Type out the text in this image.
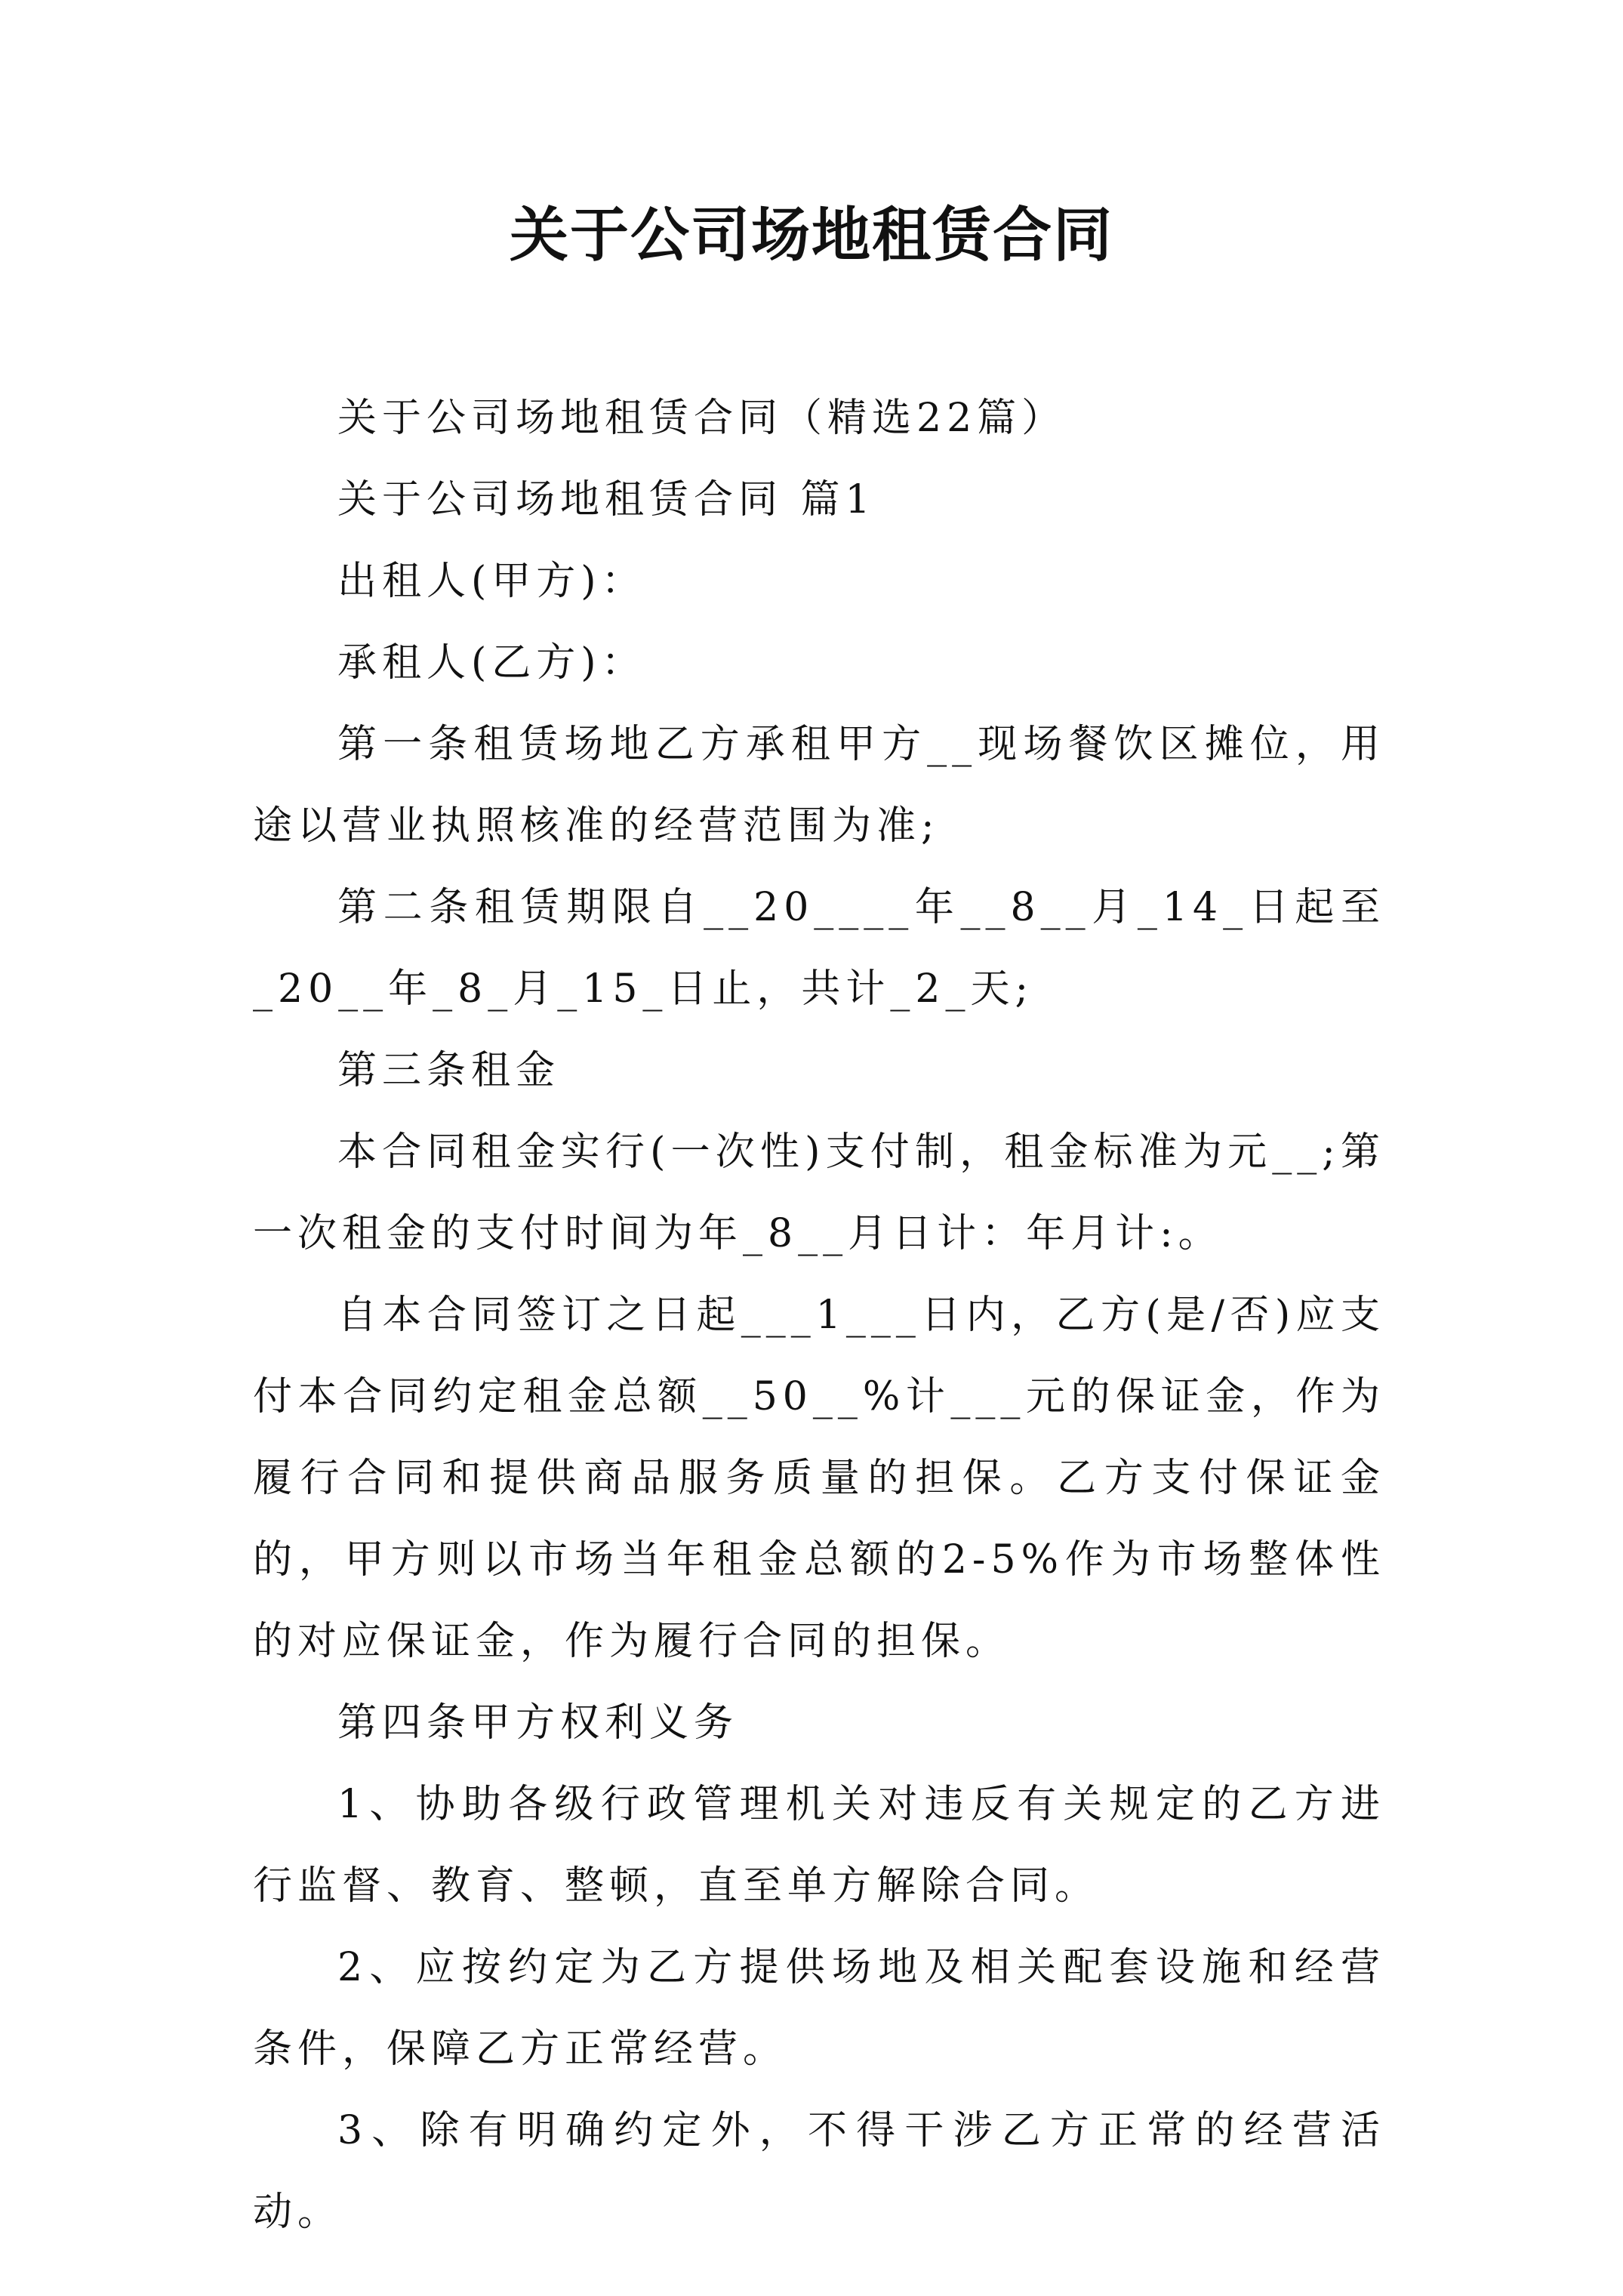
关于公司场地租赁合同

关于公司场地租赁合同（精选22篇）

关于公司场地租赁合同 篇1

出租人(甲方)：

承租人(乙方)：

第一条租赁场地乙方承租甲方__现场餐饮区摊位，用途以营业执照核准的经营范围为准;

第二条租赁期限自__20____年__8__月_14_日起至_20__年_8_月_15_日止，共计_2_天;

第三条租金

本合同租金实行(一次性)支付制，租金标准为元__;第一次租金的支付时间为年_8__月日计：年月计:。

自本合同签订之日起___1___日内，乙方(是/否)应支付本合同约定租金总额__50__%计___元的保证金，作为履行合同和提供商品服务质量的担保。乙方支付保证金的，甲方则以市场当年租金总额的2-5%作为市场整体性的对应保证金，作为履行合同的担保。

第四条甲方权利义务

1、协助各级行政管理机关对违反有关规定的乙方进行监督、教育、整顿，直至单方解除合同。

2、应按约定为乙方提供场地及相关配套设施和经营条件，保障乙方正常经营。

3、除有明确约定外，不得干涉乙方正常的经营活动。
